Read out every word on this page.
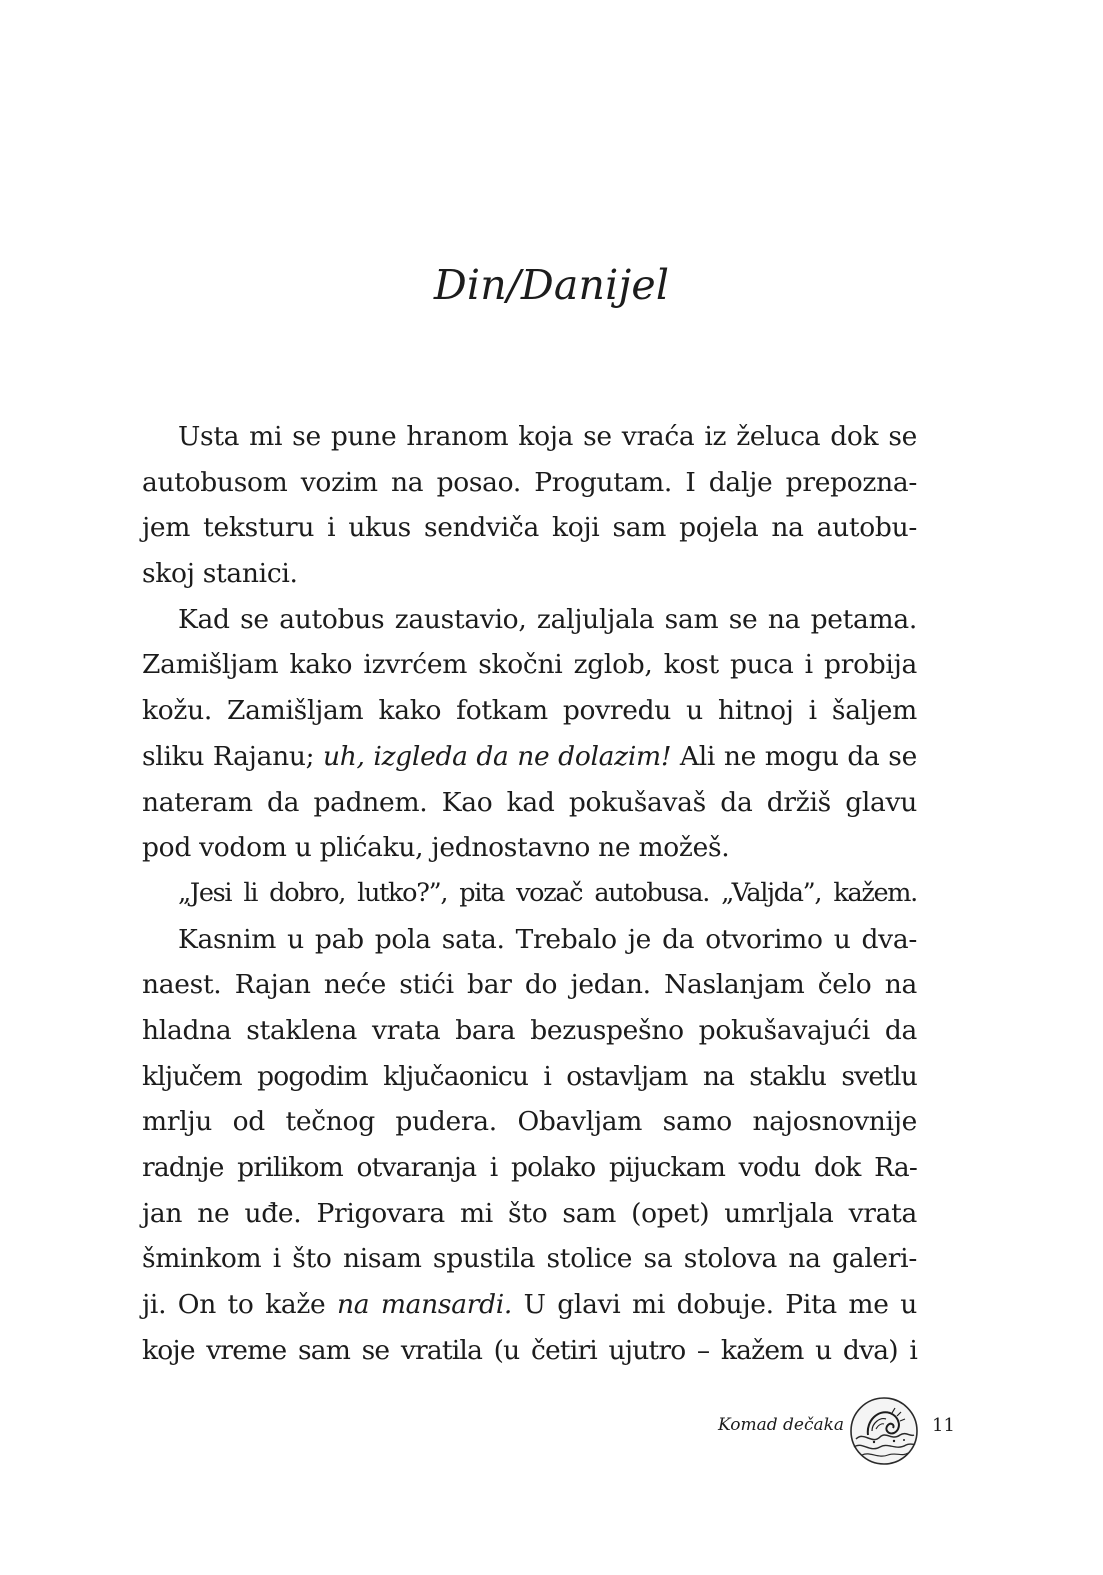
Din/Danijel
Usta mi se pune hranom koja se vraća iz želuca dok se
autobusom vozim na posao. Progutam. I dalje prepozna-
jem teksturu i ukus sendviča koji sam pojela na autobu-
skoj stanici.
Kad se autobus zaustavio, zaljuljala sam se na petama.
Zamišljam kako izvrćem skočni zglob, kost puca i probija
kožu. Zamišljam kako fotkam povredu u hitnoj i šaljem
sliku Rajanu; uh, izgleda da ne dolazim! Ali ne mogu da se
nateram da padnem. Kao kad pokušavaš da držiš glavu
pod vodom u plićaku, jednostavno ne možeš.
„Jesi li dobro, lutko?”, pita vozač autobusa. „Valjda”, kažem.
Kasnim u pab pola sata. Trebalo je da otvorimo u dva-
naest. Rajan neće stići bar do jedan. Naslanjam čelo na
hladna staklena vrata bara bezuspešno pokušavajući da
ključem pogodim ključaonicu i ostavljam na staklu svetlu
mrlju od tečnog pudera. Obavljam samo najosnovnije
radnje prilikom otvaranja i polako pijuckam vodu dok Ra-
jan ne uđe. Prigovara mi što sam (opet) umrljala vrata
šminkom i što nisam spustila stolice sa stolova na galeri-
ji. On to kaže na mansardi. U glavi mi dobuje. Pita me u
koje vreme sam se vratila (u četiri ujutro – kažem u dva) i
Komad dečaka	11
